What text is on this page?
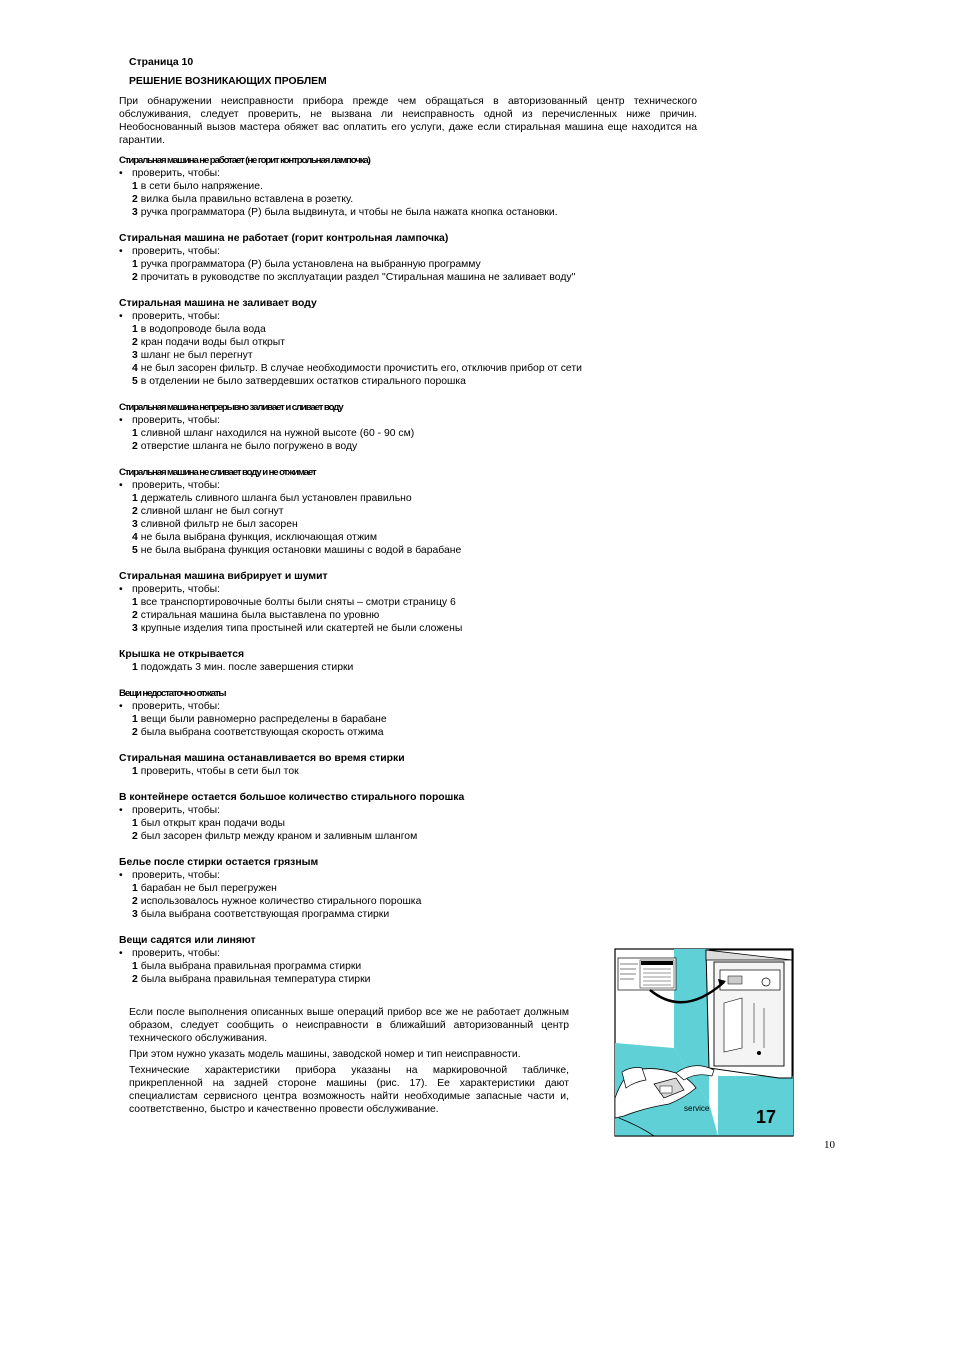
Страница 10
РЕШЕНИЕ ВОЗНИКАЮЩИХ ПРОБЛЕМ

При обнаружении неисправности прибора прежде чем обращаться в авторизованный центр технического обслуживания, следует проверить, не вызвана ли неисправность одной из перечисленных ниже причин. Необоснованный вызов мастера обяжет вас оплатить его услуги, даже если стиральная машина еще находится на гарантии.

Стиральная машина не работает (не горит контрольная лампочка)
• проверить, чтобы:
1 в сети было напряжение.
2 вилка была правильно вставлена в розетку.
3 ручка программатора (P) была выдвинута, и чтобы не была нажата кнопка остановки.
Стиральная машина не работает (горит контрольная лампочка)
• проверить, чтобы:
1 ручка программатора (P) была установлена на выбранную программу
2 прочитать в руководстве по эксплуатации раздел "Стиральная машина не заливает воду"
Стиральная машина не заливает воду
• проверить, чтобы:
1 в водопроводе была вода
2 кран подачи воды был открыт
3 шланг не был перегнут
4 не был засорен фильтр. В случае необходимости прочистить его, отключив прибор от сети
5 в отделении не было затвердевших остатков стирального порошка
Стиральная машина непрерывно заливает и сливает воду
• проверить, чтобы:
1 сливной шланг находился на нужной высоте (60 - 90 см)
2 отверстие шланга не было погружено в воду
Стиральная машина не сливает воду и не отжимает
• проверить, чтобы:
1 держатель сливного шланга был установлен правильно
2 сливной шланг не был согнут
3 сливной фильтр не был засорен
4 не была выбрана функция, исключающая отжим
5 не была выбрана функция остановки машины с водой в барабане
Стиральная машина вибрирует и шумит
• проверить, чтобы:
1 все транспортировочные болты были сняты – смотри страницу 6
2 стиральная машина была выставлена по уровню
3 крупные изделия типа простыней или скатертей не были сложены
Крышка не открывается
1 подождать 3 мин. после завершения стирки
Вещи недостаточно отжаты
• проверить, чтобы:
1 вещи были равномерно распределены в барабане
2 была выбрана соответствующая скорость отжима
Стиральная машина останавливается во время стирки
1 проверить, чтобы в сети был ток
В контейнере остается большое количество стирального порошка
• проверить, чтобы:
1 был открыт кран подачи воды
2 был засорен фильтр между краном и заливным шлангом
Белье после стирки остается грязным
• проверить, чтобы:
1 барабан не был перегружен
2 использовалось нужное количество стирального порошка
3 была выбрана соответствующая программа стирки
Вещи садятся или линяют
• проверить, чтобы:
1 была выбрана правильная программа стирки
2 была выбрана правильная температура стирки

Если после выполнения описанных выше операций прибор все же не работает должным образом, следует сообщить о неисправности в ближайший авторизованный центр технического обслуживания.

При этом нужно указать модель машины, заводской номер и тип неисправности.

Технические характеристики прибора указаны на маркировочной табличке, прикрепленной на задней стороне машины (рис. 17). Ее характеристики дают специалистам сервисного центра возможность найти необходимые запасные части и, соответственно, быстро и качественно провести обслуживание.	service	17
10
